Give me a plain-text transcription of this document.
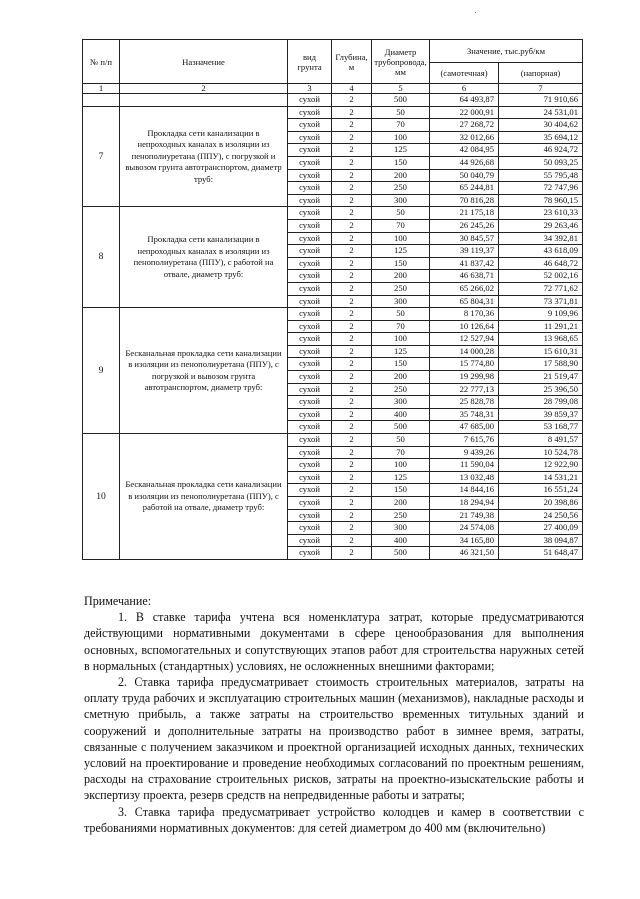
№ п/п	Назначение	вид грунта	Глубина, м	Диаметр трубопровода, мм	Значение, тыс.руб/км	
					(самотечная)	(напорная)
1	2	3	4	5	6	7
		сухой	2	500	64 493,87	71 910,66
7	Прокладка сети канализации в непроходных каналах в изоляции из пенополиуретана (ППУ), с погрузкой и вывозом грунта автотранспортом, диаметр труб:	сухой	2	50	22 000,91	24 531,01
		сухой	2	70	27 268,72	30 404,62
		сухой	2	100	32 012,66	35 694,12
		сухой	2	125	42 084,95	46 924,72
		сухой	2	150	44 926,68	50 093,25
		сухой	2	200	50 040,79	55 795,48
		сухой	2	250	65 244,81	72 747,96
		сухой	2	300	70 816,28	78 960,15
8	Прокладка сети канализации в непроходных каналах в изоляции из пенополиуретана (ППУ), с работой на отвале, диаметр труб:	сухой	2	50	21 175,18	23 610,33
		сухой	2	70	26 245,26	29 263,46
		сухой	2	100	30 845,57	34 392,81
		сухой	2	125	39 119,37	43 618,09
		сухой	2	150	41 837,42	46 648,72
		сухой	2	200	46 638,71	52 002,16
		сухой	2	250	65 266,02	72 771,62
		сухой	2	300	65 804,31	73 371,81
9	Бесканальная прокладка сети канализации в изоляции из пенополиуретана (ППУ), с погрузкой и вывозом грунта автотранспортом, диаметр труб:	сухой	2	50	8 170,36	9 109,96
		сухой	2	70	10 126,64	11 291,21
		сухой	2	100	12 527,94	13 968,65
		сухой	2	125	14 000,28	15 610,31
		сухой	2	150	15 774,80	17 588,90
		сухой	2	200	19 299,98	21 519,47
		сухой	2	250	22 777,13	25 396,50
		сухой	2	300	25 828,78	28 799,08
		сухой	2	400	35 748,31	39 859,37
		сухой	2	500	47 685,00	53 168,77
10	Бесканальная прокладка сети канализации в изоляции из пенополиуретана (ППУ), с работой на отвале, диаметр труб:	сухой	2	50	7 615,76	8 491,57
		сухой	2	70	9 439,26	10 524,78
		сухой	2	100	11 590,04	12 922,90
		сухой	2	125	13 032,48	14 531,21
		сухой	2	150	14 844,16	16 551,24
		сухой	2	200	18 294,94	20 398,86
		сухой	2	250	21 749,38	24 250,56
		сухой	2	300	24 574,08	27 400,09
		сухой	2	400	34 165,80	38 094,87
		сухой	2	500	46 321,50	51 648,47

Примечание:

1. В ставке тарифа учтена вся номенклатура затрат, которые предусматриваются действующими нормативными документами в сфере ценообразования для выполнения основных, вспомогательных и сопутствующих этапов работ для строительства наружных сетей в нормальных (стандартных) условиях, не осложненных внешними факторами;

2. Ставка тарифа предусматривает стоимость строительных материалов, затраты на оплату труда рабочих и эксплуатацию строительных машин (механизмов), накладные расходы и сметную прибыль, а также затраты на строительство временных титульных зданий и сооружений и дополнительные затраты на производство работ в зимнее время, затраты, связанные с получением заказчиком и проектной организацией исходных данных, технических условий на проектирование и проведение необходимых согласований по проектным решениям, расходы на страхование строительных рисков, затраты на проектно-изыскательские работы и экспертизу проекта, резерв средств на непредвиденные работы и затраты;

3. Ставка тарифа предусматривает устройство колодцев и камер в соответствии с требованиями нормативных документов: для сетей диаметром до 400 мм (включительно)
